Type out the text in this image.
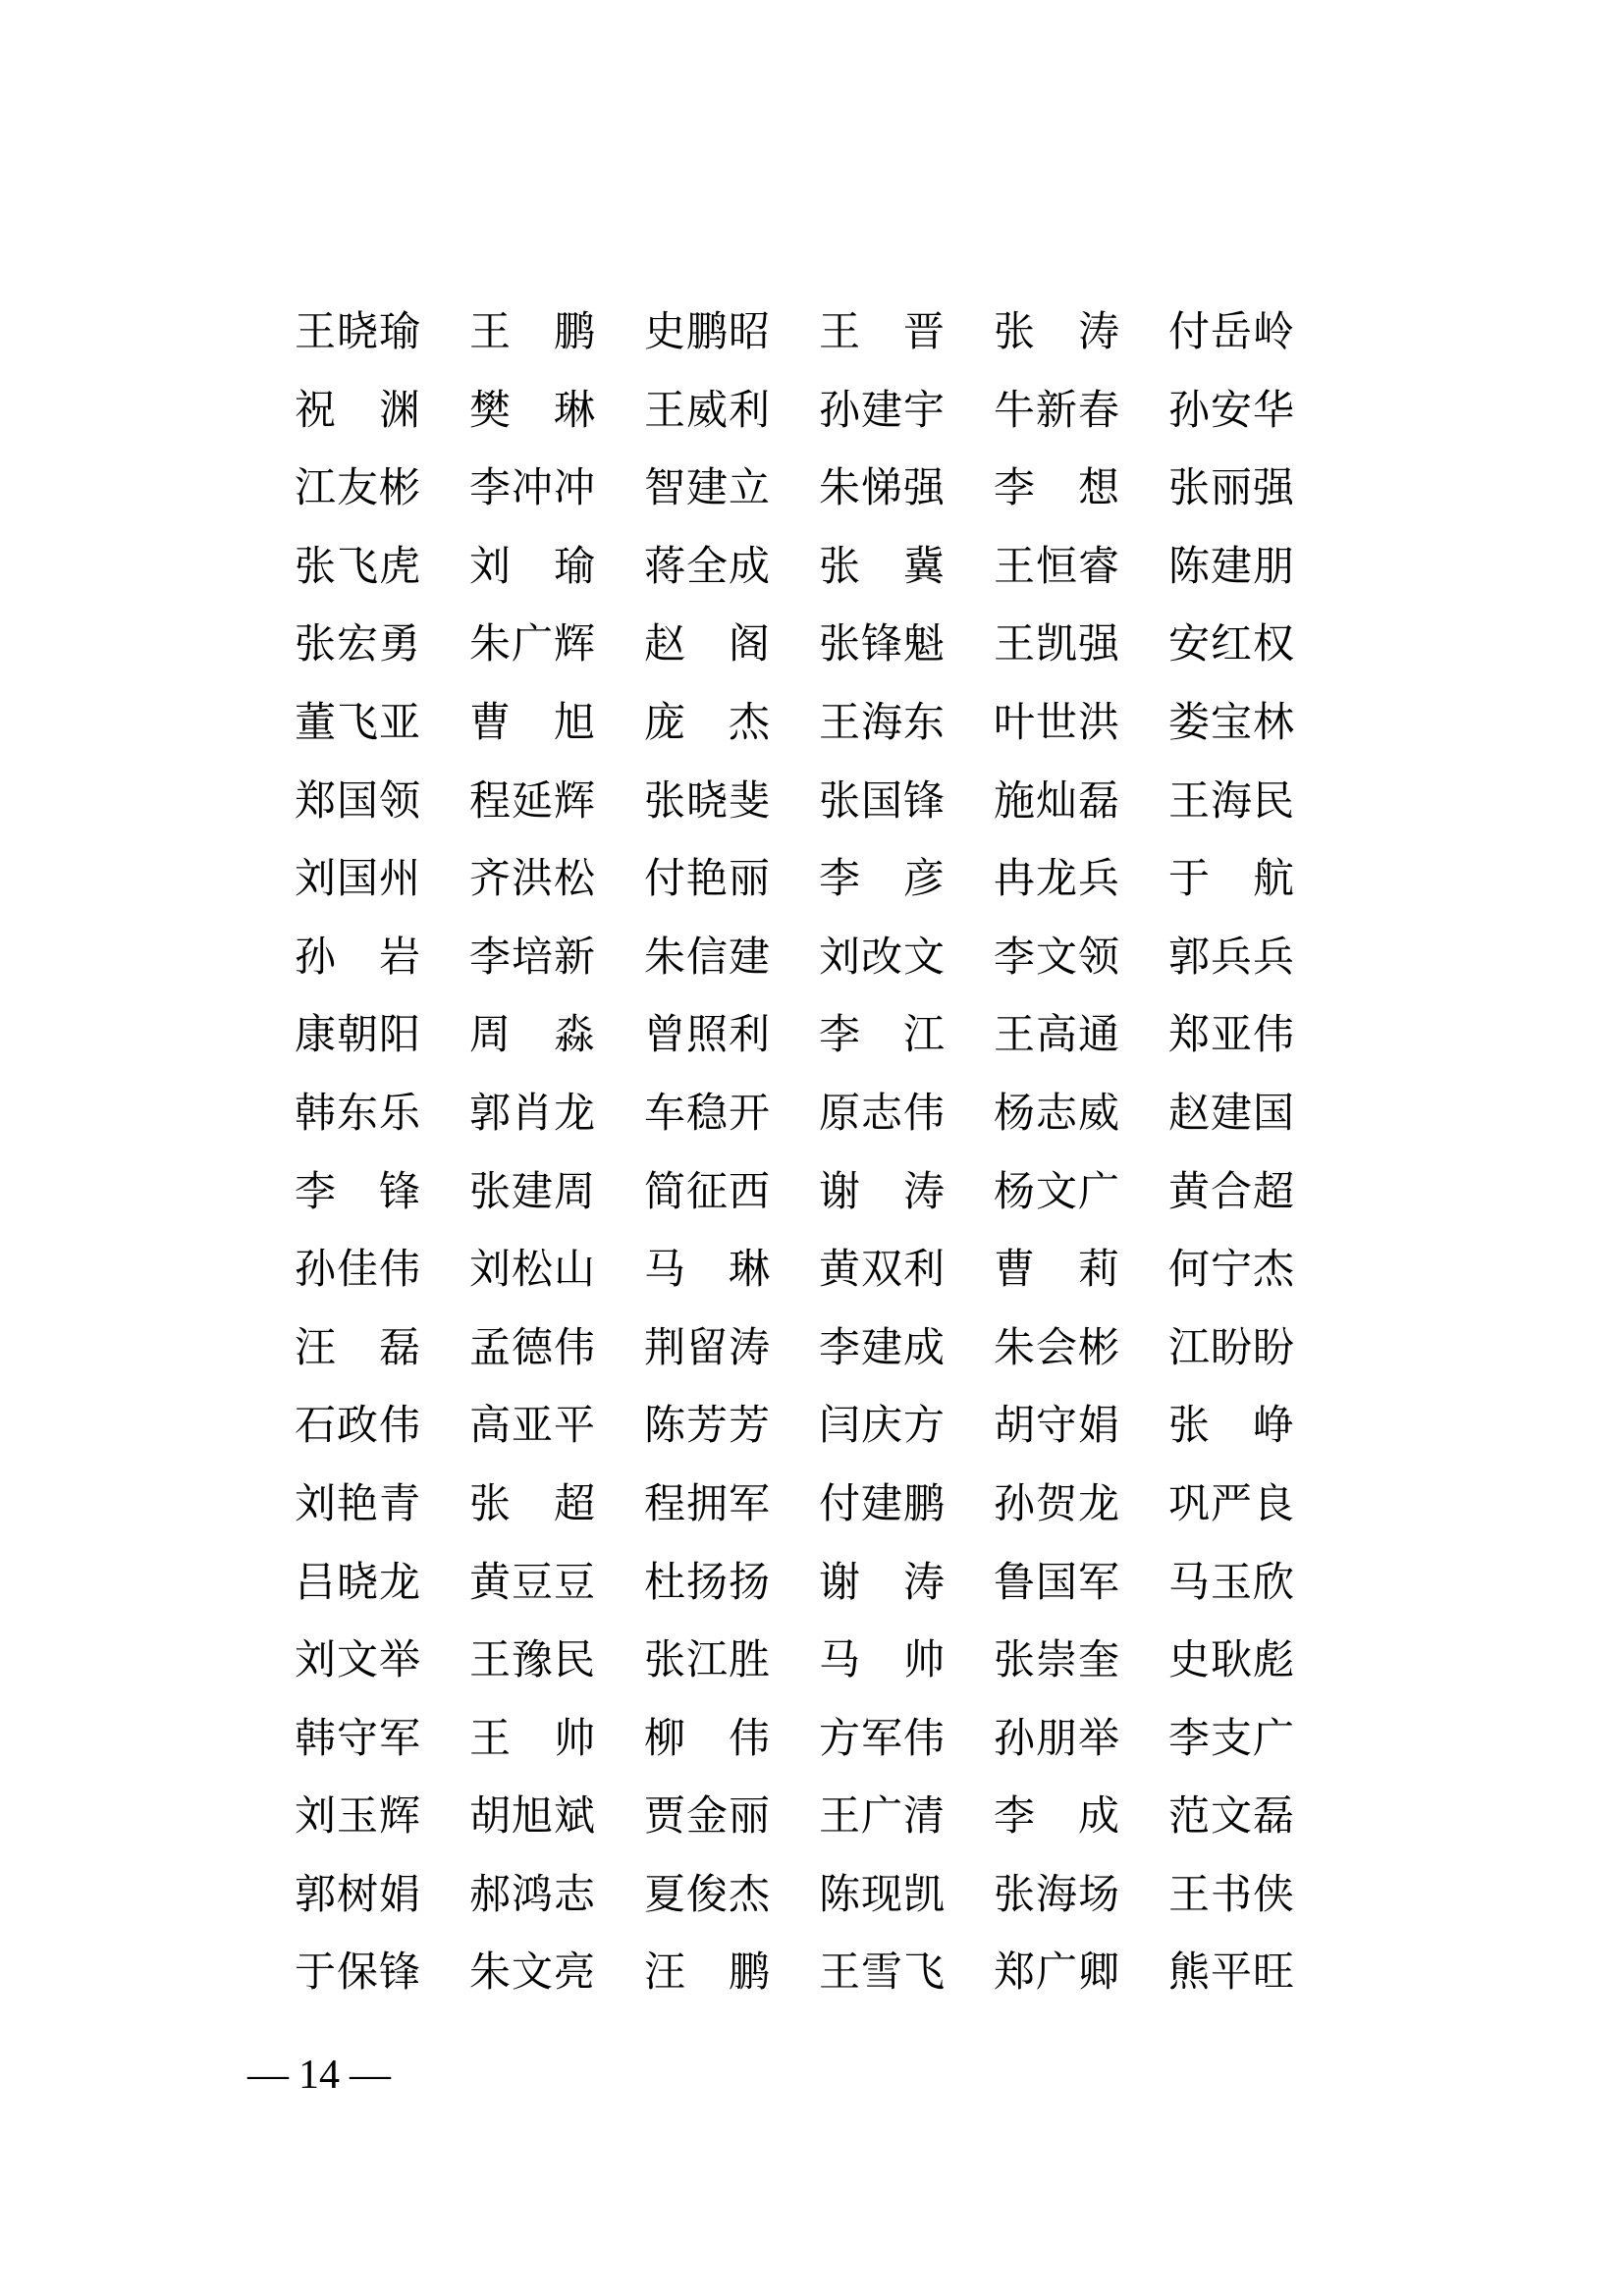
王 晓 瑜 王 鹏 史 鹏 昭 王 晋 张 涛 付 岳 岭
祝 渊 樊 琳 王 威 利 孙 建 宇 牛 新 春 孙 安 华
江 友 彬 李 冲 冲 智 建 立 朱 悌 强 李 想 张 丽 强
张 飞 虎 刘 瑜 蒋 全 成 张 冀 王 恒 睿 陈 建 朋
张 宏 勇 朱 广 辉 赵 阁 张 锋 魁 王 凯 强 安 红 权
董 飞 亚 曹 旭 庞 杰 王 海 东 叶 世 洪 娄 宝 林
郑 国 领 程 延 辉 张 晓 斐 张 国 锋 施 灿 磊 王 海 民
刘 国 州 齐 洪 松 付 艳 丽 李 彦 冉 龙 兵 于 航
孙 岩 李 培 新 朱 信 建 刘 改 文 李 文 领 郭 兵 兵
康 朝 阳 周 淼 曾 照 利 李 江 王 高 通 郑 亚 伟
韩 东 乐 郭 肖 龙 车 稳 开 原 志 伟 杨 志 威 赵 建 国
李 锋 张 建 周 简 征 西 谢 涛 杨 文 广 黄 合 超
孙 佳 伟 刘 松 山 马 琳 黄 双 利 曹 莉 何 宁 杰
汪 磊 孟 德 伟 荆 留 涛 李 建 成 朱 会 彬 江 盼 盼
石 政 伟 高 亚 平 陈 芳 芳 闫 庆 方 胡 守 娟 张 峥
刘 艳 青 张 超 程 拥 军 付 建 鹏 孙 贺 龙 巩 严 良
吕 晓 龙 黄 豆 豆 杜 扬 扬 谢 涛 鲁 国 军 马 玉 欣
刘 文 举 王 豫 民 张 江 胜 马 帅 张 崇 奎 史 耿 彪
韩 守 军 王 帅 柳 伟 方 军 伟 孙 朋 举 李 支 广
刘 玉 辉 胡 旭 斌 贾 金 丽 王 广 清 李 成 范 文 磊
郭 树 娟 郝 鸿 志 夏 俊 杰 陈 现 凯 张 海 场 王 书 侠
于 保 锋 朱 文 亮 汪 鹏 王 雪 飞 郑 广 卿 熊 平 旺
— 14 —
